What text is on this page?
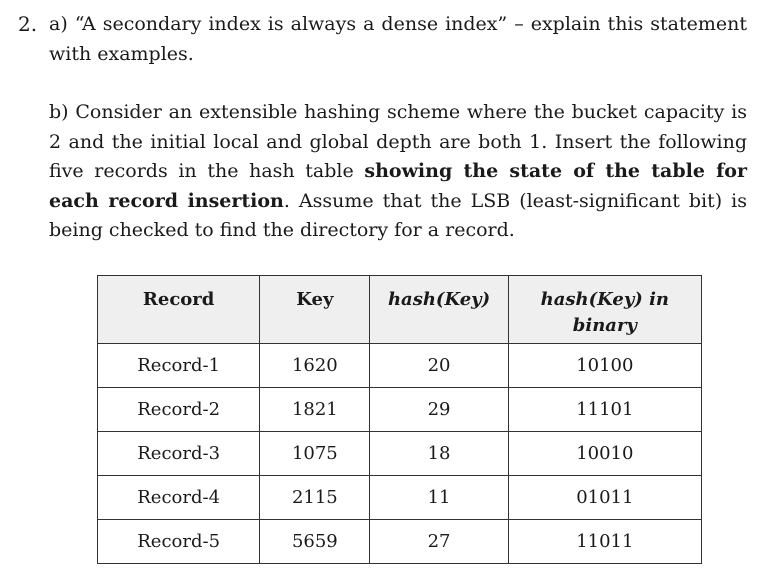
2. a) “A secondary index is always a dense index” – explain this statement with examples.

b) Consider an extensible hashing scheme where the bucket capacity is 2 and the initial local and global depth are both 1. Insert the following five records in the hash table showing the state of the table for each record insertion. Assume that the LSB (least-significant bit) is being checked to find the directory for a record.

Record	Key	hash(Key)	hash(Key) in binary
Record-1	1620	20	10100
Record-2	1821	29	11101
Record-3	1075	18	10010
Record-4	2115	11	01011
Record-5	5659	27	11011
